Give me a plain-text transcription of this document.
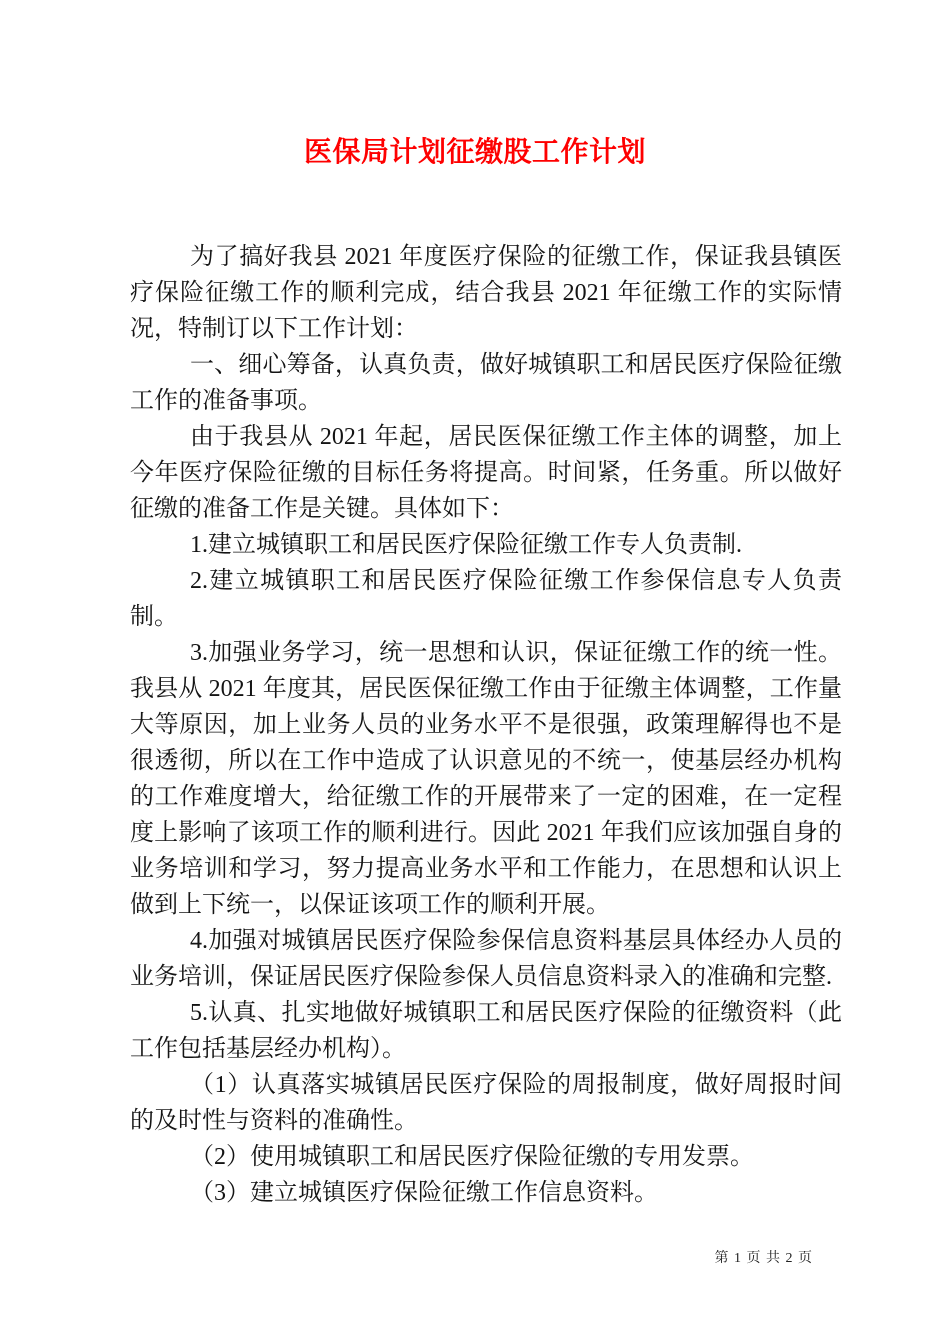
医保局计划征缴股工作计划

为了搞好我县 2021 年度医疗保险的征缴工作，保证我县镇医疗保险征缴工作的顺利完成，结合我县 2021 年征缴工作的实际情况，特制订以下工作计划：

一、细心筹备，认真负责，做好城镇职工和居民医疗保险征缴工作的准备事项。

由于我县从 2021 年起，居民医保征缴工作主体的调整，加上今年医疗保险征缴的目标任务将提高。时间紧，任务重。所以做好征缴的准备工作是关键。具体如下：

1.建立城镇职工和居民医疗保险征缴工作专人负责制.

2.建立城镇职工和居民医疗保险征缴工作参保信息专人负责制。

3.加强业务学习，统一思想和认识，保证征缴工作的统一性。我县从 2021 年度其，居民医保征缴工作由于征缴主体调整，工作量大等原因，加上业务人员的业务水平不是很强，政策理解得也不是很透彻，所以在工作中造成了认识意见的不统一，使基层经办机构的工作难度增大，给征缴工作的开展带来了一定的困难，在一定程度上影响了该项工作的顺利进行。因此 2021 年我们应该加强自身的业务培训和学习，努力提高业务水平和工作能力，在思想和认识上做到上下统一，以保证该项工作的顺利开展。

4.加强对城镇居民医疗保险参保信息资料基层具体经办人员的业务培训，保证居民医疗保险参保人员信息资料录入的准确和完整.

5.认真、扎实地做好城镇职工和居民医疗保险的征缴资料（此工作包括基层经办机构）。

（1）认真落实城镇居民医疗保险的周报制度，做好周报时间的及时性与资料的准确性。

（2）使用城镇职工和居民医疗保险征缴的专用发票。

（3）建立城镇医疗保险征缴工作信息资料。

第 1 页 共 2 页
